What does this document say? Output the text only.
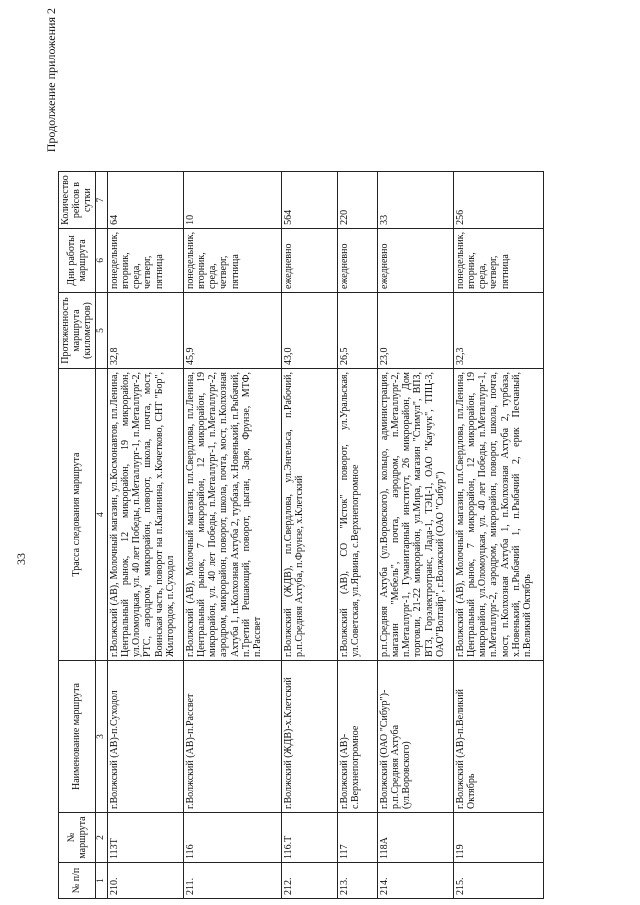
33
Продолжение приложения 2
№ п/п	№ маршрута	Наименование маршрута	Трасса следования маршрута	Протяженность маршрута (километров)	Дни работы маршрута	Количество рейсов в сутки
1	2	3	4	5	6	7
210.	113Т	г.Волжский (АВ)-п.Суходол	г.Волжский (АВ), Молочный магазин, ул.Космонавтов, пл.Ленина, Центральный рынок, 12 микрорайон, 19 микрорайон, ул.Оломоуцкая, ул. 40 лет Победы, п.Металлург-1, п.Металлург-2, РТС, аэродром, микрорайон, поворот, школа, почта, мост, Воинская часть, поворот на п.Калинина, х.Кочетково, СНТ "Бор", Жилгородок, п.Суходол	32,8	понедельник, вторник, среда, четверг, пятница	64
211.	116	г.Волжский (АВ)-п.Рассвет	г.Волжский (АВ), Молочный магазин, пл.Свердлова, пл.Ленина, Центральный рынок, 7 микрорайон, 12 микрорайон, 19 микрорайон, ул. 40 лет Победы, п.Металлург-1, п.Металлург-2, аэродром, микрорайон, поворот, школа, почта, мост, п.Колхозная Ахтуба 1, п.Колхозная Ахтуба 2, турбаза, х.Новенький, п.Рыбачий, п.Третий Решающий, поворот, цыган, Заря, Фрунзе, МТФ, п.Рассвет	45,9	понедельник, вторник, среда, четверг, пятница	10
212.	116.Т	г.Волжский (ЖДВ)-х.Клетский	г.Волжский (ЖДВ), пл.Свердлова, ул.Энгельса, п.Рабочий, р.п.Средняя Ахтуба, п.Фрунзе, х.Клетский	43,0	ежедневно	564
213.	117	г.Волжский (АВ)-с.Верхнепогромное	г.Волжский (АВ), СО "Исток" поворот, ул.Уральская, ул.Советская, ул.Ярвина, с.Верхнепогромное	26,5	ежедневно	220
214.	118А	г.Волжский (ОАО "Сибур")-р.п.Средняя Ахтуба (ул.Воровского)	р.п.Средняя Ахтуба (ул.Воровского), кольцо, администрация, магазин "Мебель", почта, аэродром, п.Металлург-2, п.Металлург-1, Гуманитарный институт, 26 микрорайон, Дом торговли, 21-22 микрорайон, ул.Мира, магазин "Стимул", ВПЗ, ВТЗ, Горэлектротранс, Лада-1, ТЭЦ-1, ОАО "Каучук", ТПЦ-3, ОАО"Волтайр", г.Волжский (ОАО "Сибур")	23,0	ежедневно	33
215.	119	г.Волжский (АВ)-п.Великий Октябрь	г.Волжский (АВ), Молочный магазин, пл.Свердлова, пл.Ленина, Центральный рынок, 7 микрорайон, 12 микрорайон, 19 микрорайон, ул.Оломоуцкая, ул. 40 лет Победы, п.Металлург-1, п.Металлург-2, аэродром, микрорайон, поворот, школа, почта, мост, п.Колхозная Ахтуба 1, п.Колхозная Ахтуба 2, турбаза, х.Новенький, п.Рыбачий 1, п.Рыбачий 2, ерик Песчаный, п.Великий Октябрь	32,3	понедельник, вторник, среда, четверг, пятница	256
